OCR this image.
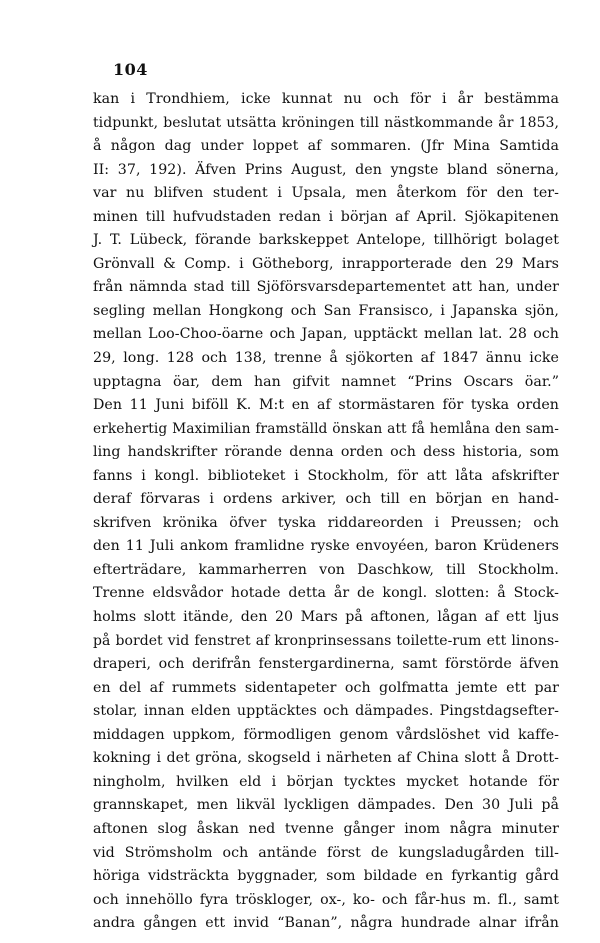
104
kan i Trondhiem, icke kunnat nu och för i år bestämma
tidpunkt, beslutat utsätta kröningen till nästkommande år 1853,
å någon dag under loppet af sommaren. (Jfr Mina Samtida
II: 37, 192). Äfven Prins August, den yngste bland sönerna,
var nu blifven student i Upsala, men återkom för den ter-
minen till hufvudstaden redan i början af April. Sjökapitenen
J. T. Lübeck, förande barkskeppet Antelope, tillhörigt bolaget
Grönvall & Comp. i Götheborg, inrapporterade den 29 Mars
från nämnda stad till Sjöförsvarsdepartementet att han, under
segling mellan Hongkong och San Fransisco, i Japanska sjön,
mellan Loo-Choo-öarne och Japan, upptäckt mellan lat. 28 och
29, long. 128 och 138, trenne å sjökorten af 1847 ännu icke
upptagna öar, dem han gifvit namnet “Prins Oscars öar.”
Den 11 Juni biföll K. M:t en af stormästaren för tyska orden
erkehertig Maximilian framställd önskan att få hemlåna den sam-
ling handskrifter rörande denna orden och dess historia, som
fanns i kongl. biblioteket i Stockholm, för att låta afskrifter
deraf förvaras i ordens arkiver, och till en början en hand-
skrifven krönika öfver tyska riddareorden i Preussen; och
den 11 Juli ankom framlidne ryske envoyéen, baron Krüdeners
efterträdare, kammarherren von Daschkow, till Stockholm.
Trenne eldsvådor hotade detta år de kongl. slotten: å Stock-
holms slott itände, den 20 Mars på aftonen, lågan af ett ljus
på bordet vid fenstret af kronprinsessans toilette-rum ett linons-
draperi, och derifrån fenstergardinerna, samt förstörde äfven
en del af rummets sidentapeter och golfmatta jemte ett par
stolar, innan elden upptäcktes och dämpades. Pingstdagsefter-
middagen uppkom, förmodligen genom vårdslöshet vid kaffe-
kokning i det gröna, skogseld i närheten af China slott å Drott-
ningholm, hvilken eld i början tycktes mycket hotande för
grannskapet, men likväl lyckligen dämpades. Den 30 Juli på
aftonen slog åskan ned tvenne gånger inom några minuter
vid Strömsholm och antände först de kungsladugården till-
höriga vidsträckta byggnader, som bildade en fyrkantig gård
och innehöllo fyra tröskloger, ox-, ko- och får-hus m. fl., samt
andra gången ett invid “Banan”, några hundrade alnar ifrån
